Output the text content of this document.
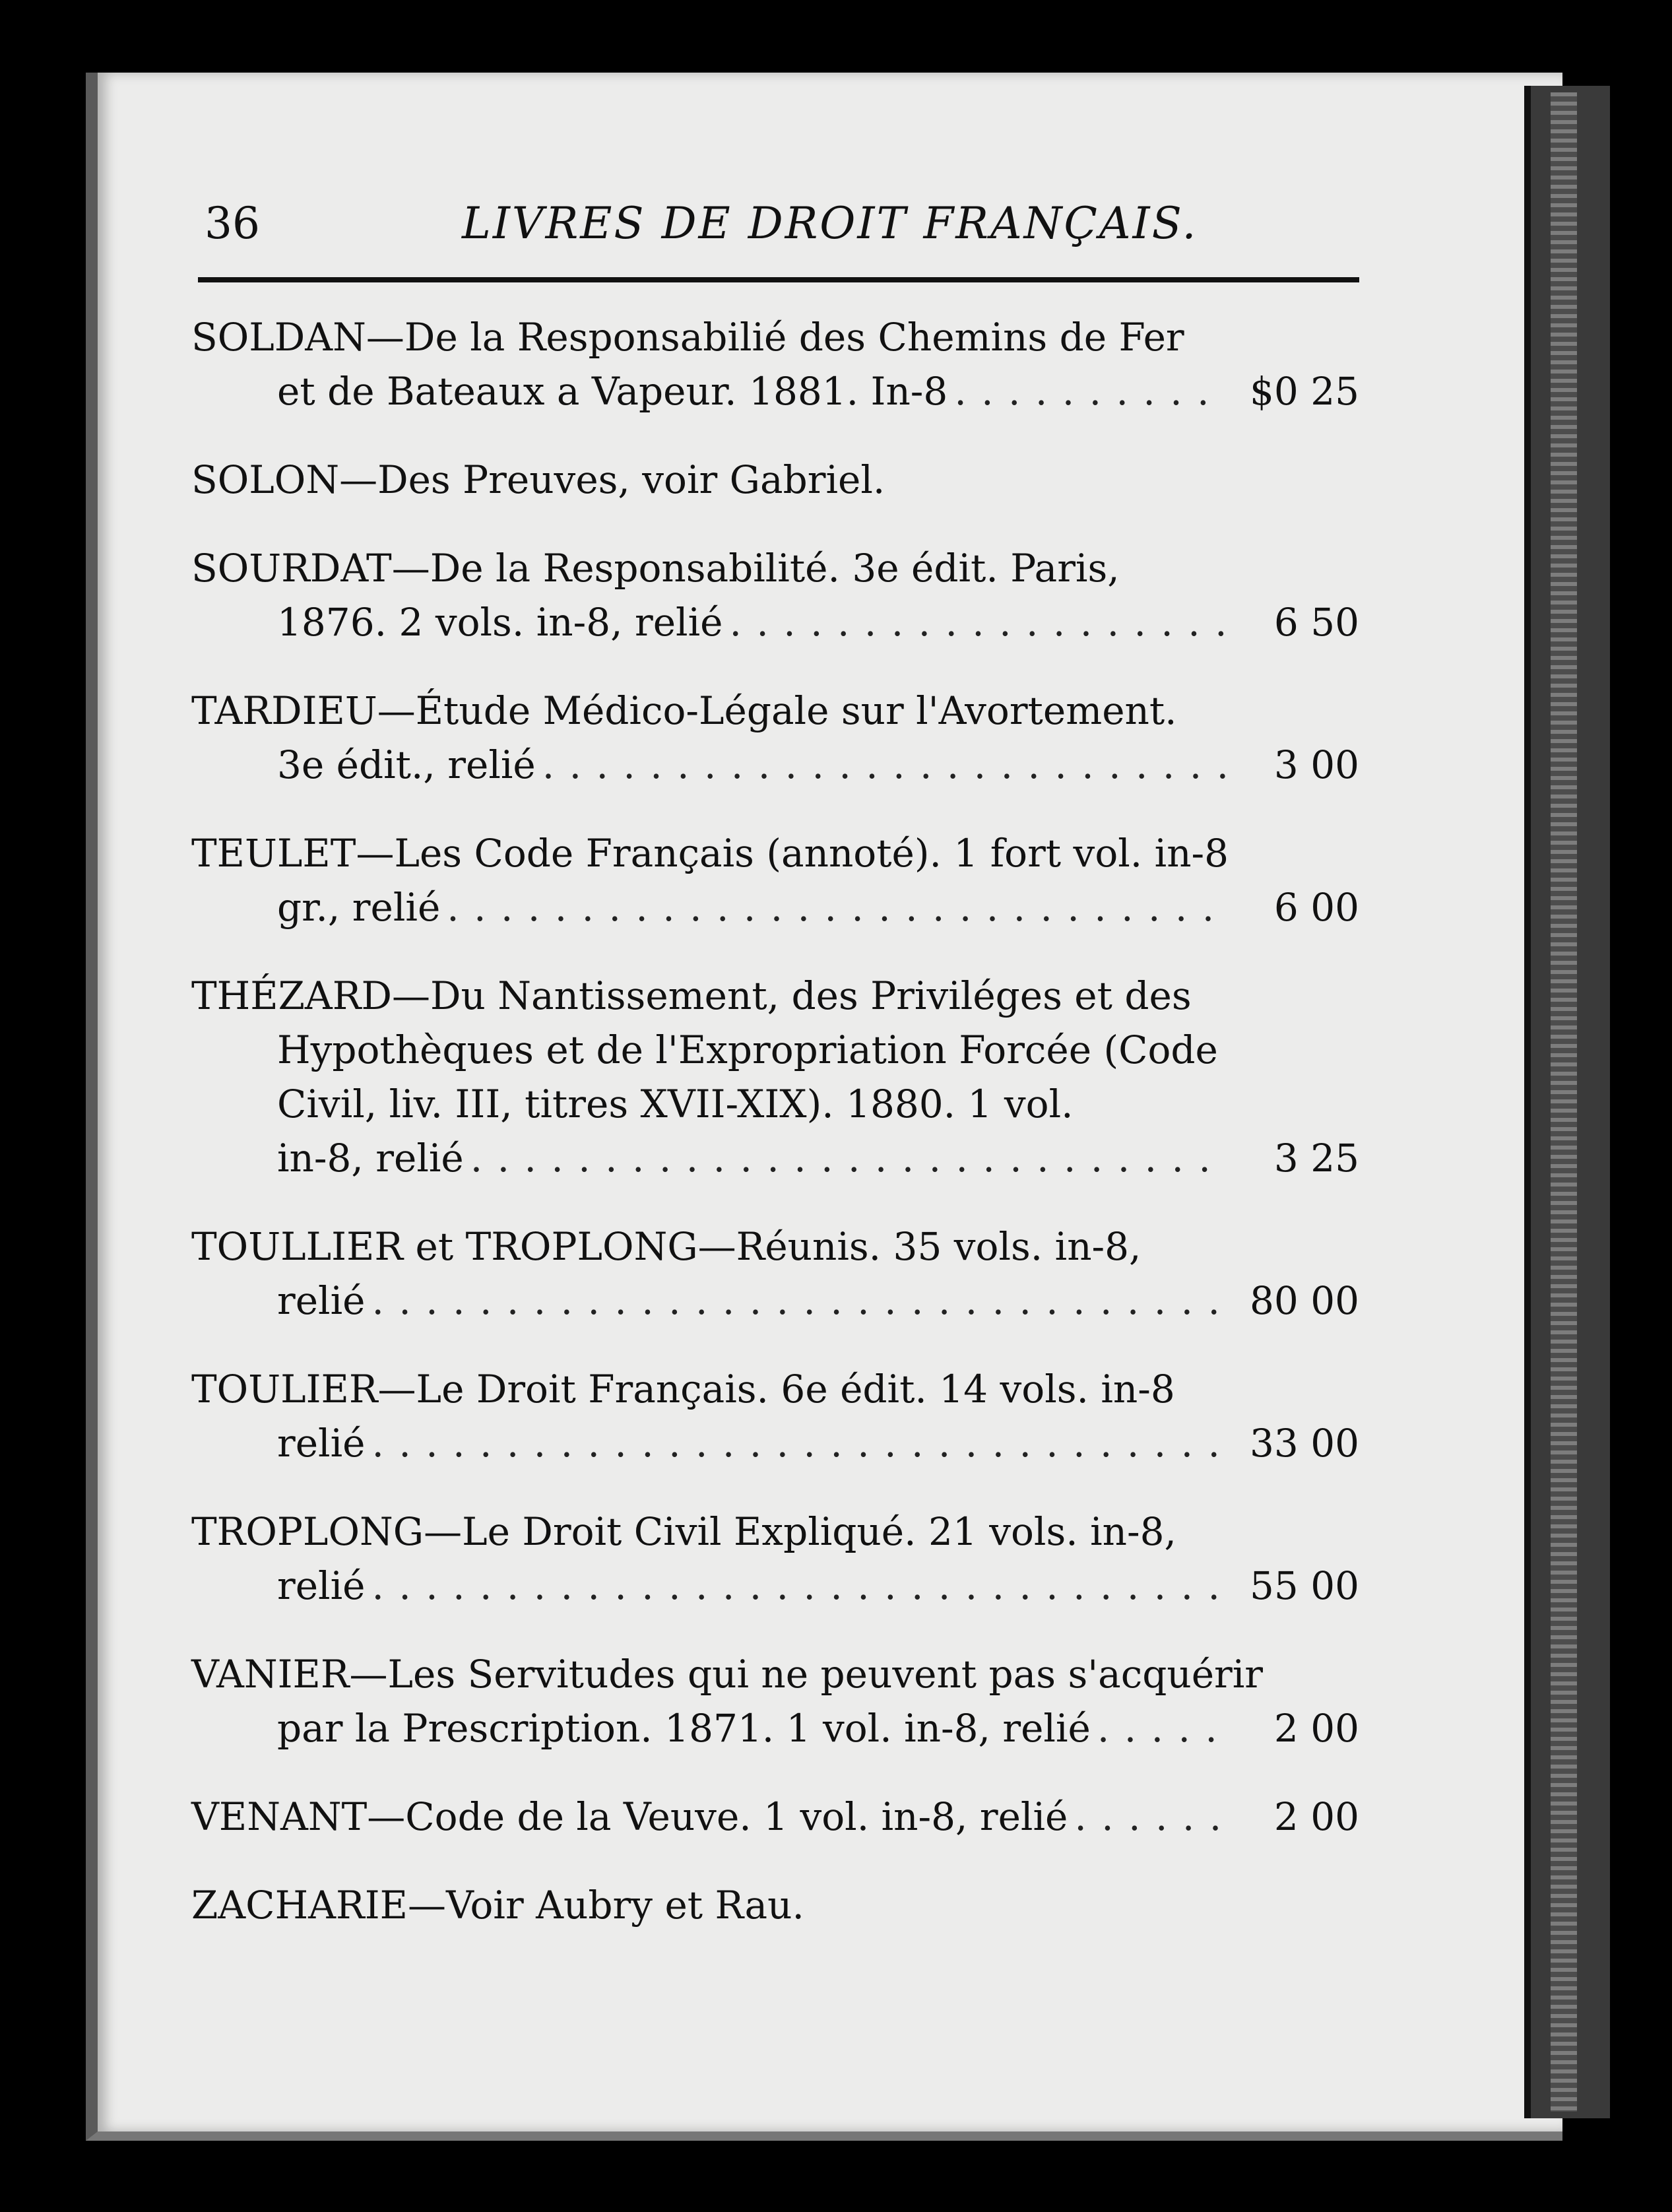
36	LIVRES DE DROIT FRANÇAIS.
SOLDAN—De la Responsabilié des Chemins de Fer
et de Bateaux a Vapeur. 1881. In-8 . . .	$0 25
SOLON—Des Preuves, voir Gabriel.
SOURDAT—De la Responsabilité. 3e édit. Paris,
1876. 2 vols. in-8, relié . . .	6 50
TARDIEU—Étude Médico-Légale sur l'Avortement.
3e édit., relié . . .	3 00
TEULET—Les Code Français (annoté). 1 fort vol. in-8
gr., relié . . .	6 00
THÉZARD—Du Nantissement, des Priviléges et des
Hypothèques et de l'Expropriation Forcée (Code
Civil, liv. III, titres XVII-XIX). 1880. 1 vol.
in-8, relié . . .	3 25
TOULLIER et TROPLONG—Réunis. 35 vols. in-8,
relié . . .	80 00
TOULIER—Le Droit Français. 6e édit. 14 vols. in-8
relié . . .	33 00
TROPLONG—Le Droit Civil Expliqué. 21 vols. in-8,
relié . . .	55 00
VANIER—Les Servitudes qui ne peuvent pas s'acquérir
par la Prescription. 1871. 1 vol. in-8, relié . . .	2 00
VENANT—Code de la Veuve. 1 vol. in-8, relié . . .	2 00
ZACHARIE—Voir Aubry et Rau.
